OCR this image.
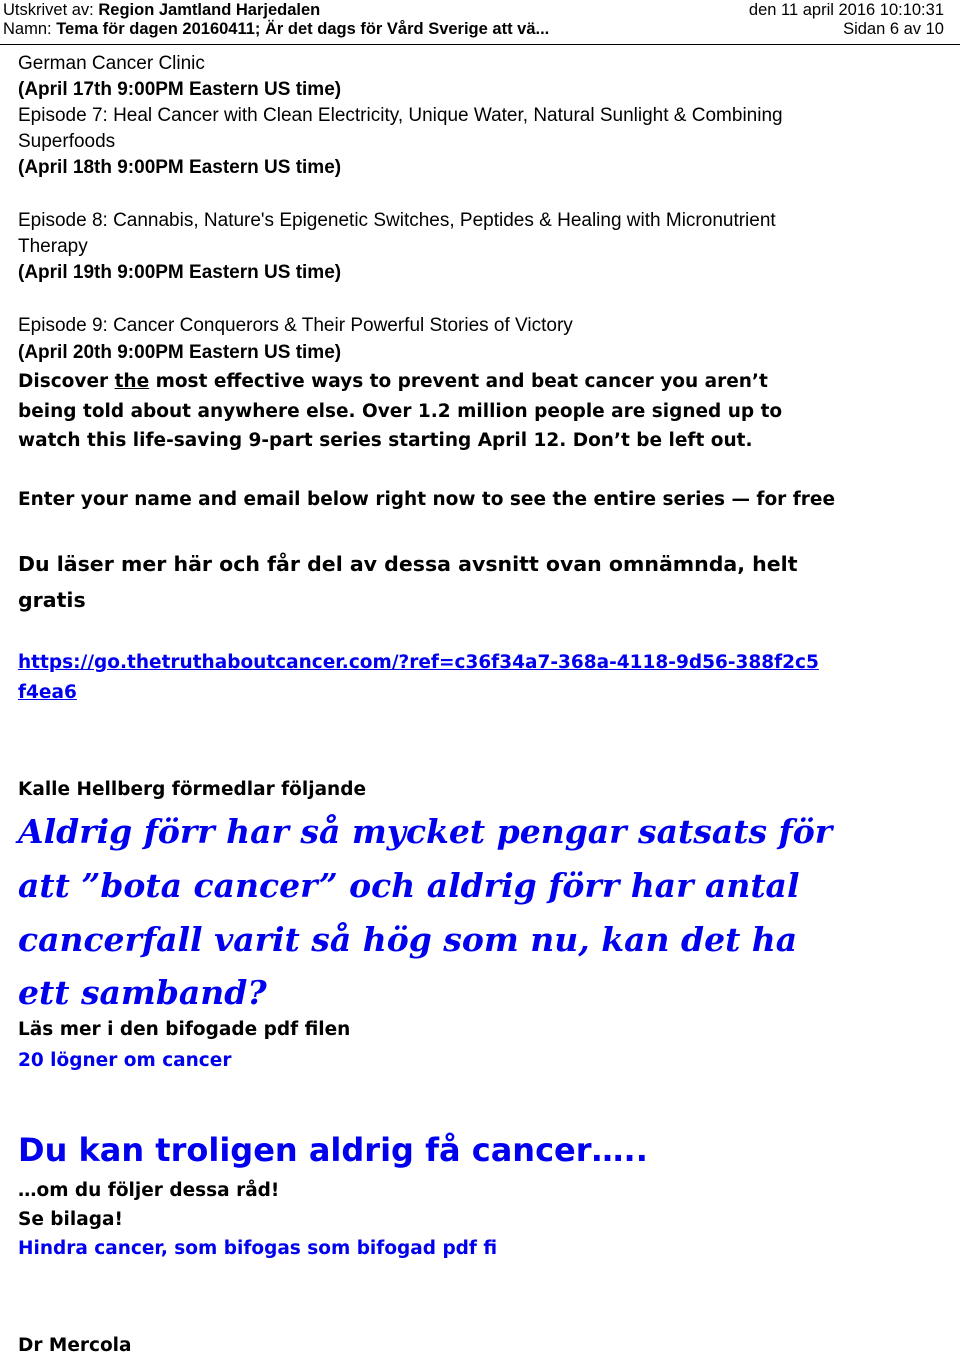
Utskrivet av: Region Jamtland Harjedalen	den 11 april 2016 10:10:31
Namn: Tema för dagen 20160411; Är det dags för Vård Sverige att vä...	Sidan 6 av 10
German Cancer Clinic
(April 17th 9:00PM Eastern US time)
Episode 7: Heal Cancer with Clean Electricity, Unique Water, Natural Sunlight & Combining
Superfoods
(April 18th 9:00PM Eastern US time)
Episode 8: Cannabis, Nature's Epigenetic Switches, Peptides & Healing with Micronutrient
Therapy
(April 19th 9:00PM Eastern US time)
Episode 9: Cancer Conquerors & Their Powerful Stories of Victory
(April 20th 9:00PM Eastern US time)
Discover the most effective ways to prevent and beat cancer you aren’t
being told about anywhere else. Over 1.2 million people are signed up to
watch this life-saving 9-part series starting April 12. Don’t be left out.
Enter your name and email below right now to see the entire series — for free
Du läser mer här och får del av dessa avsnitt ovan omnämnda, helt
gratis
https://go.thetruthaboutcancer.com/?ref=c36f34a7-368a-4118-9d56-388f2c5
f4ea6
Kalle Hellberg förmedlar följande
Aldrig förr har så mycket pengar satsats för
att ”bota cancer” och aldrig förr har antal
cancerfall varit så hög som nu, kan det ha
ett samband?
Läs mer i den bifogade pdf filen
20 lögner om cancer
Du kan troligen aldrig få cancer…..
…om du följer dessa råd!
Se bilaga!
Hindra cancer, som bifogas som bifogad pdf fi
Dr Mercola
